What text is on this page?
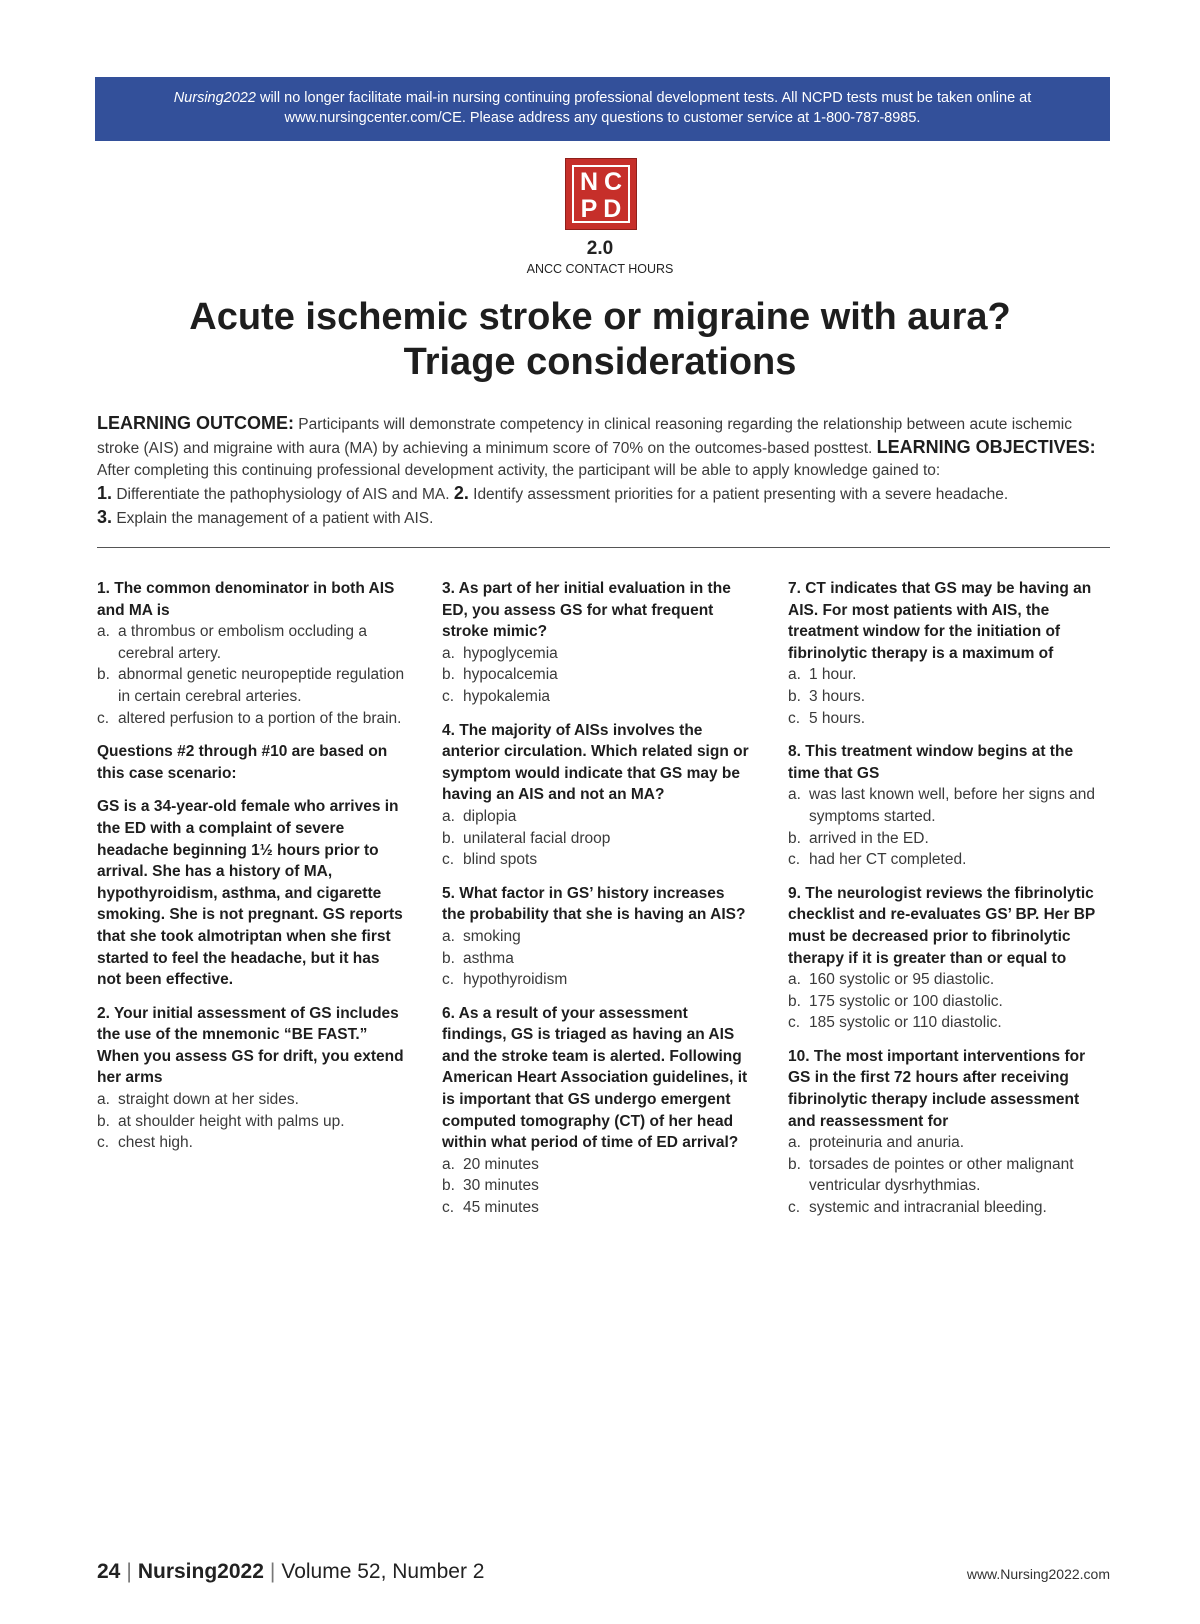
Nursing2022 will no longer facilitate mail-in nursing continuing professional development tests. All NCPD tests must be taken online at
www.nursingcenter.com/CE. Please address any questions to customer service at 1-800-787-8985.
NC
PD
2.0
ANCC CONTACT HOURS
Acute ischemic stroke or migraine with aura?
Triage considerations
LEARNING OUTCOME: Participants will demonstrate competency in clinical reasoning regarding the relationship between acute ischemic stroke (AIS) and migraine with aura (MA) by achieving a minimum score of 70% on the outcomes-based posttest. LEARNING OBJECTIVES: After completing this continuing professional development activity, the participant will be able to apply knowledge gained to:
1. Differentiate the pathophysiology of AIS and MA. 2. Identify assessment priorities for a patient presenting with a severe headache.
3. Explain the management of a patient with AIS.
1. The common denominator in both AIS and MA is
a. a thrombus or embolism occluding a cerebral artery.
b. abnormal genetic neuropeptide regulation in certain cerebral arteries.
c. altered perfusion to a portion of the brain.
Questions #2 through #10 are based on this case scenario:
GS is a 34-year-old female who arrives in the ED with a complaint of severe headache beginning 1½ hours prior to arrival. She has a history of MA, hypothyroidism, asthma, and cigarette smoking. She is not pregnant. GS reports that she took almotriptan when she first started to feel the headache, but it has not been effective.
2. Your initial assessment of GS includes the use of the mnemonic “BE FAST.” When you assess GS for drift, you extend her arms
a. straight down at her sides.
b. at shoulder height with palms up.
c. chest high.
3. As part of her initial evaluation in the ED, you assess GS for what frequent stroke mimic?
a. hypoglycemia
b. hypocalcemia
c. hypokalemia
4. The majority of AISs involves the anterior circulation. Which related sign or symptom would indicate that GS may be having an AIS and not an MA?
a. diplopia
b. unilateral facial droop
c. blind spots
5. What factor in GS’ history increases the probability that she is having an AIS?
a. smoking
b. asthma
c. hypothyroidism
6. As a result of your assessment findings, GS is triaged as having an AIS and the stroke team is alerted. Following American Heart Association guidelines, it is important that GS undergo emergent computed tomography (CT) of her head within what period of time of ED arrival?
a. 20 minutes
b. 30 minutes
c. 45 minutes
7. CT indicates that GS may be having an AIS. For most patients with AIS, the treatment window for the initiation of fibrinolytic therapy is a maximum of
a. 1 hour.
b. 3 hours.
c. 5 hours.
8. This treatment window begins at the time that GS
a. was last known well, before her signs and symptoms started.
b. arrived in the ED.
c. had her CT completed.
9. The neurologist reviews the fibrinolytic checklist and re-evaluates GS’ BP. Her BP must be decreased prior to fibrinolytic therapy if it is greater than or equal to
a. 160 systolic or 95 diastolic.
b. 175 systolic or 100 diastolic.
c. 185 systolic or 110 diastolic.
10. The most important interventions for GS in the first 72 hours after receiving fibrinolytic therapy include assessment and reassessment for
a. proteinuria and anuria.
b. torsades de pointes or other malignant ventricular dysrhythmias.
c. systemic and intracranial bleeding.
24 | Nursing2022 | Volume 52, Number 2	www.Nursing2022.com
